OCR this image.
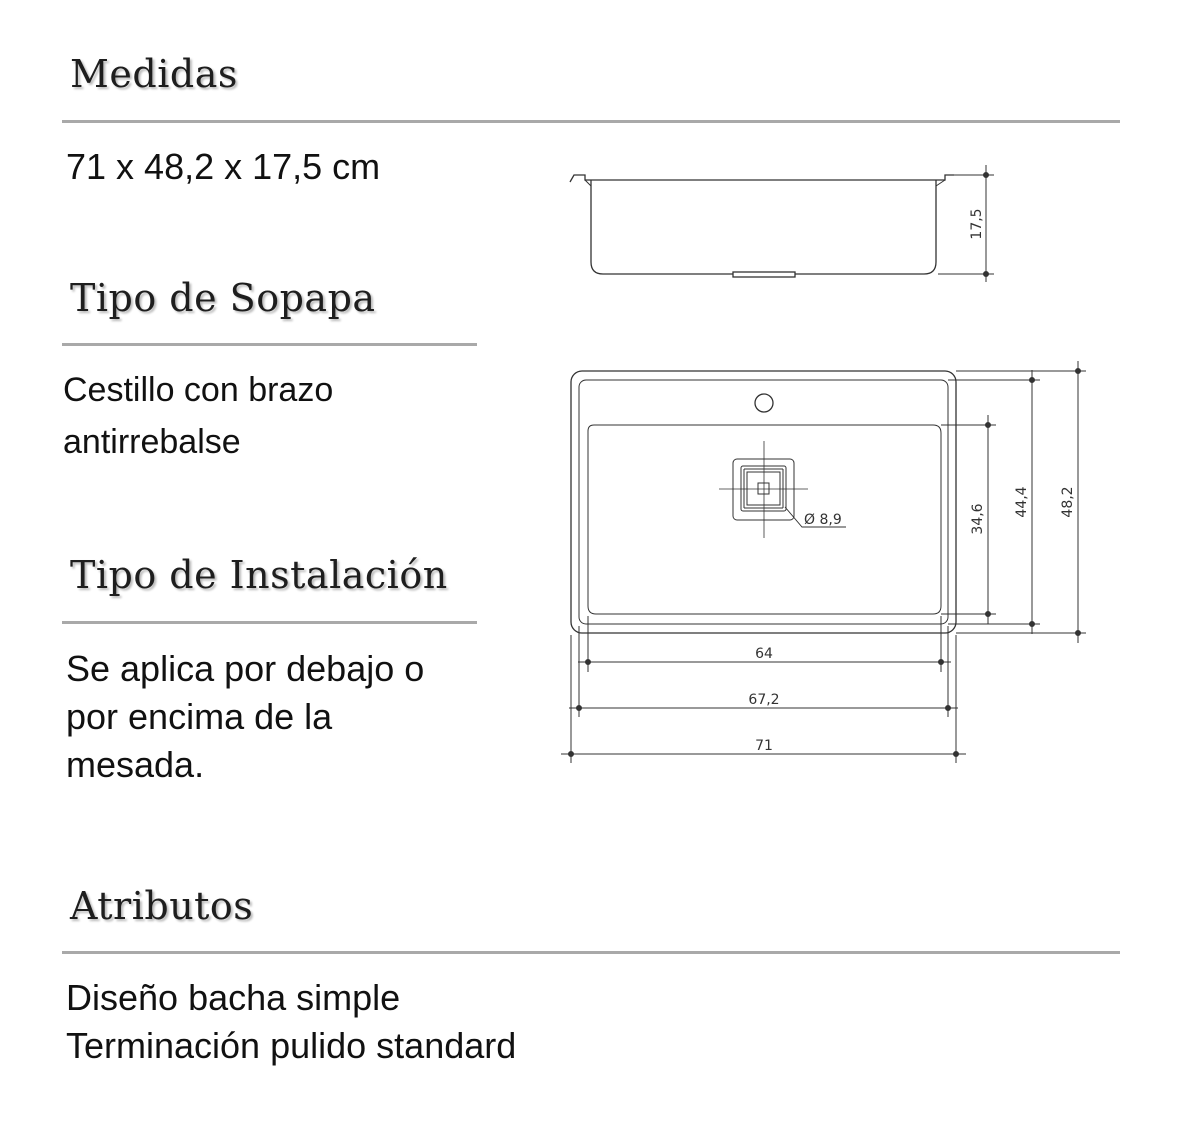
Medidas

71 x 48,2 x 17,5 cm

Tipo de Sopapa

Cestillo con brazo
antirrebalse

Tipo de Instalación

Se aplica por debajo o
por encima de la
mesada.

Atributos

Diseño bacha simple
Terminación pulido standard

17,5
Ø 8,9	34,6
44,4 48,2
64
67,2
71
